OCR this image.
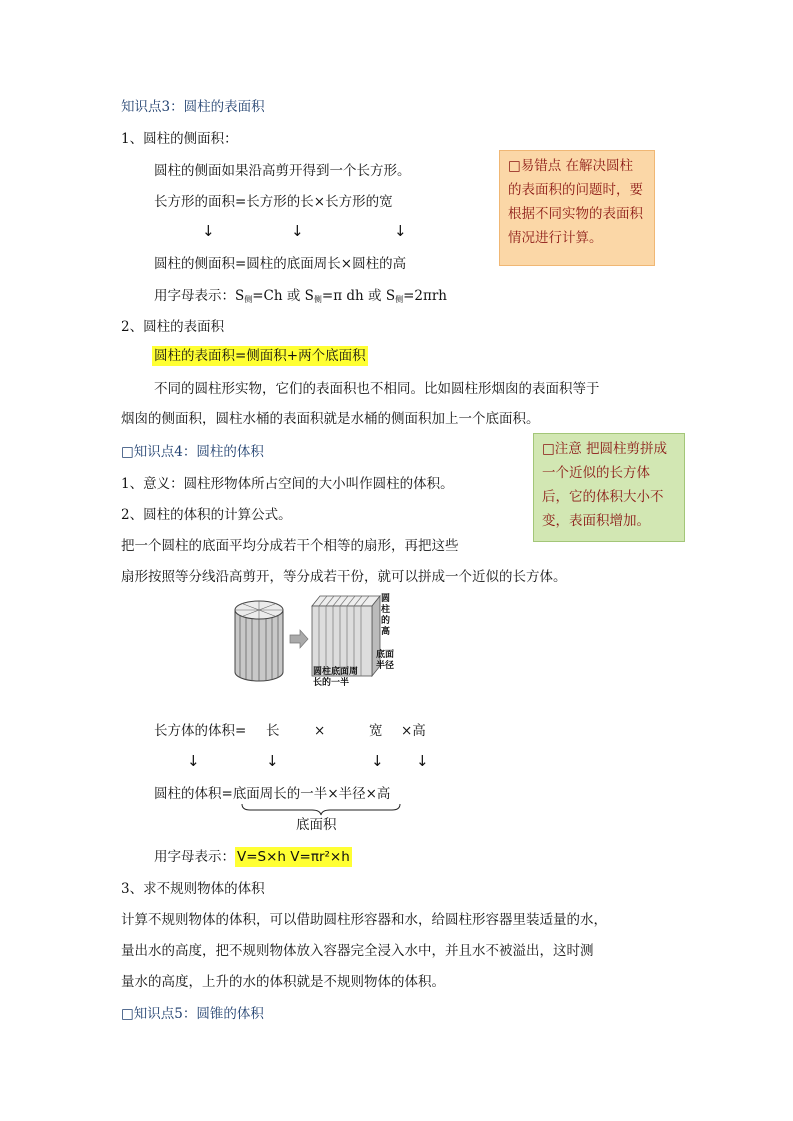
知识点3：圆柱的表面积
1、圆柱的侧面积：
圆柱的侧面如果沿高剪开得到一个长方形。
长方形的面积=长方形的长×长方形的宽
↓	↓	↓
圆柱的侧面积=圆柱的底面周长×圆柱的高
用字母表示：$S_侧=Ch$ 或 $S_侧=\pi$ dh 或 $S_侧=2\pi rh$
2、圆柱的表面积
圆柱的表面积=侧面积+两个底面积
不同的圆柱形实物，它们的表面积也不相同。比如圆柱形烟囱的表面积等于
烟囱的侧面积，圆柱水桶的表面积就是水桶的侧面积加上一个底面积。
□易错点 在解决圆柱的表面积的问题时，要根据不同实物的表面积情况进行计算。
□注意 把圆柱剪拼成一个近似的长方体后，它的体积大小不变，表面积增加。
□知识点4：圆柱的体积
1、意义：圆柱形物体所占空间的大小叫作圆柱的体积。
2、圆柱的体积的计算公式。
把一个圆柱的底面平均分成若干个相等的扇形，再把这些
扇形按照等分线沿高剪开，等分成若干份，就可以拼成一个近似的长方体。
圆柱的高
底面半径
圆柱底面周
长的一半
长方体的体积= 长	×	宽 ×高
↓	↓	↓ ↓
圆柱的体积=底面周长的一半×半径×高
底面积
用字母表示： V=S×h V=πr²×h
3、求不规则物体的体积
计算不规则物体的体积，可以借助圆柱形容器和水，给圆柱形容器里装适量的水，
量出水的高度，把不规则物体放入容器完全浸入水中，并且水不被溢出，这时测
量水的高度，上升的水的体积就是不规则物体的体积。
□知识点5：圆锥的体积
